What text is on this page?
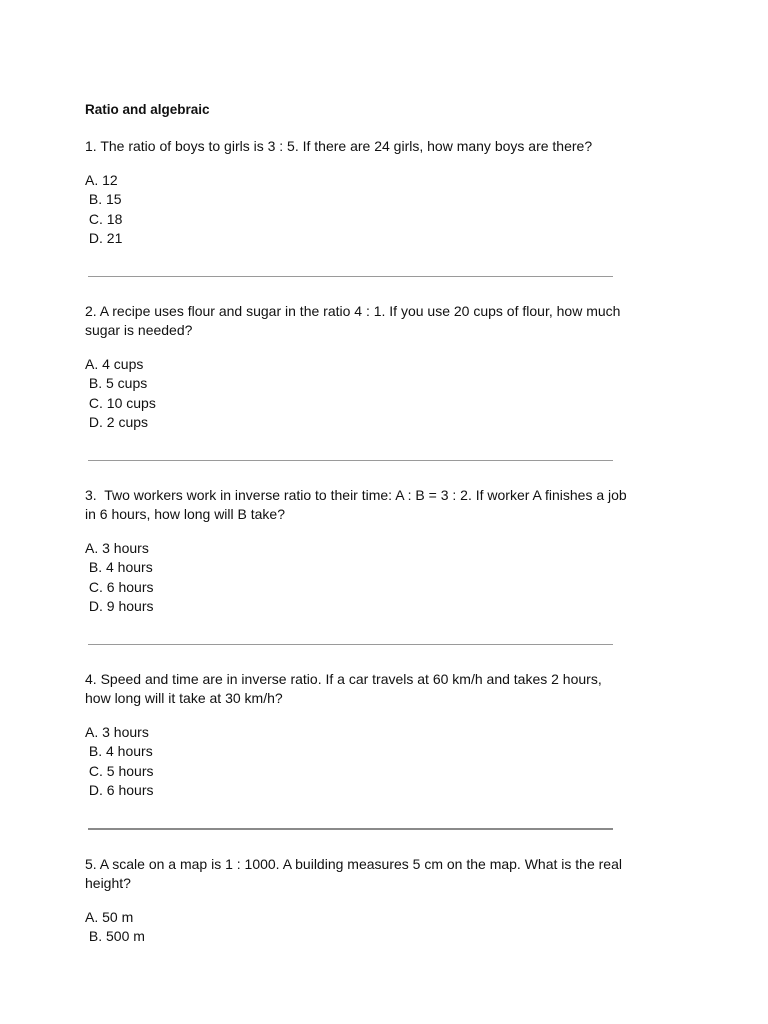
Ratio and algebraic
1. The ratio of boys to girls is 3 : 5. If there are 24 girls, how many boys are there?
A. 12
B. 15
C. 18
D. 21
2. A recipe uses flour and sugar in the ratio 4 : 1. If you use 20 cups of flour, how much sugar is needed?
A. 4 cups
B. 5 cups
C. 10 cups
D. 2 cups
3.  Two workers work in inverse ratio to their time: A : B = 3 : 2. If worker A finishes a job in 6 hours, how long will B take?
A. 3 hours
B. 4 hours
C. 6 hours
D. 9 hours
4. Speed and time are in inverse ratio. If a car travels at 60 km/h and takes 2 hours, how long will it take at 30 km/h?
A. 3 hours
B. 4 hours
C. 5 hours
D. 6 hours
5. A scale on a map is 1 : 1000. A building measures 5 cm on the map. What is the real height?
A. 50 m
B. 500 m
